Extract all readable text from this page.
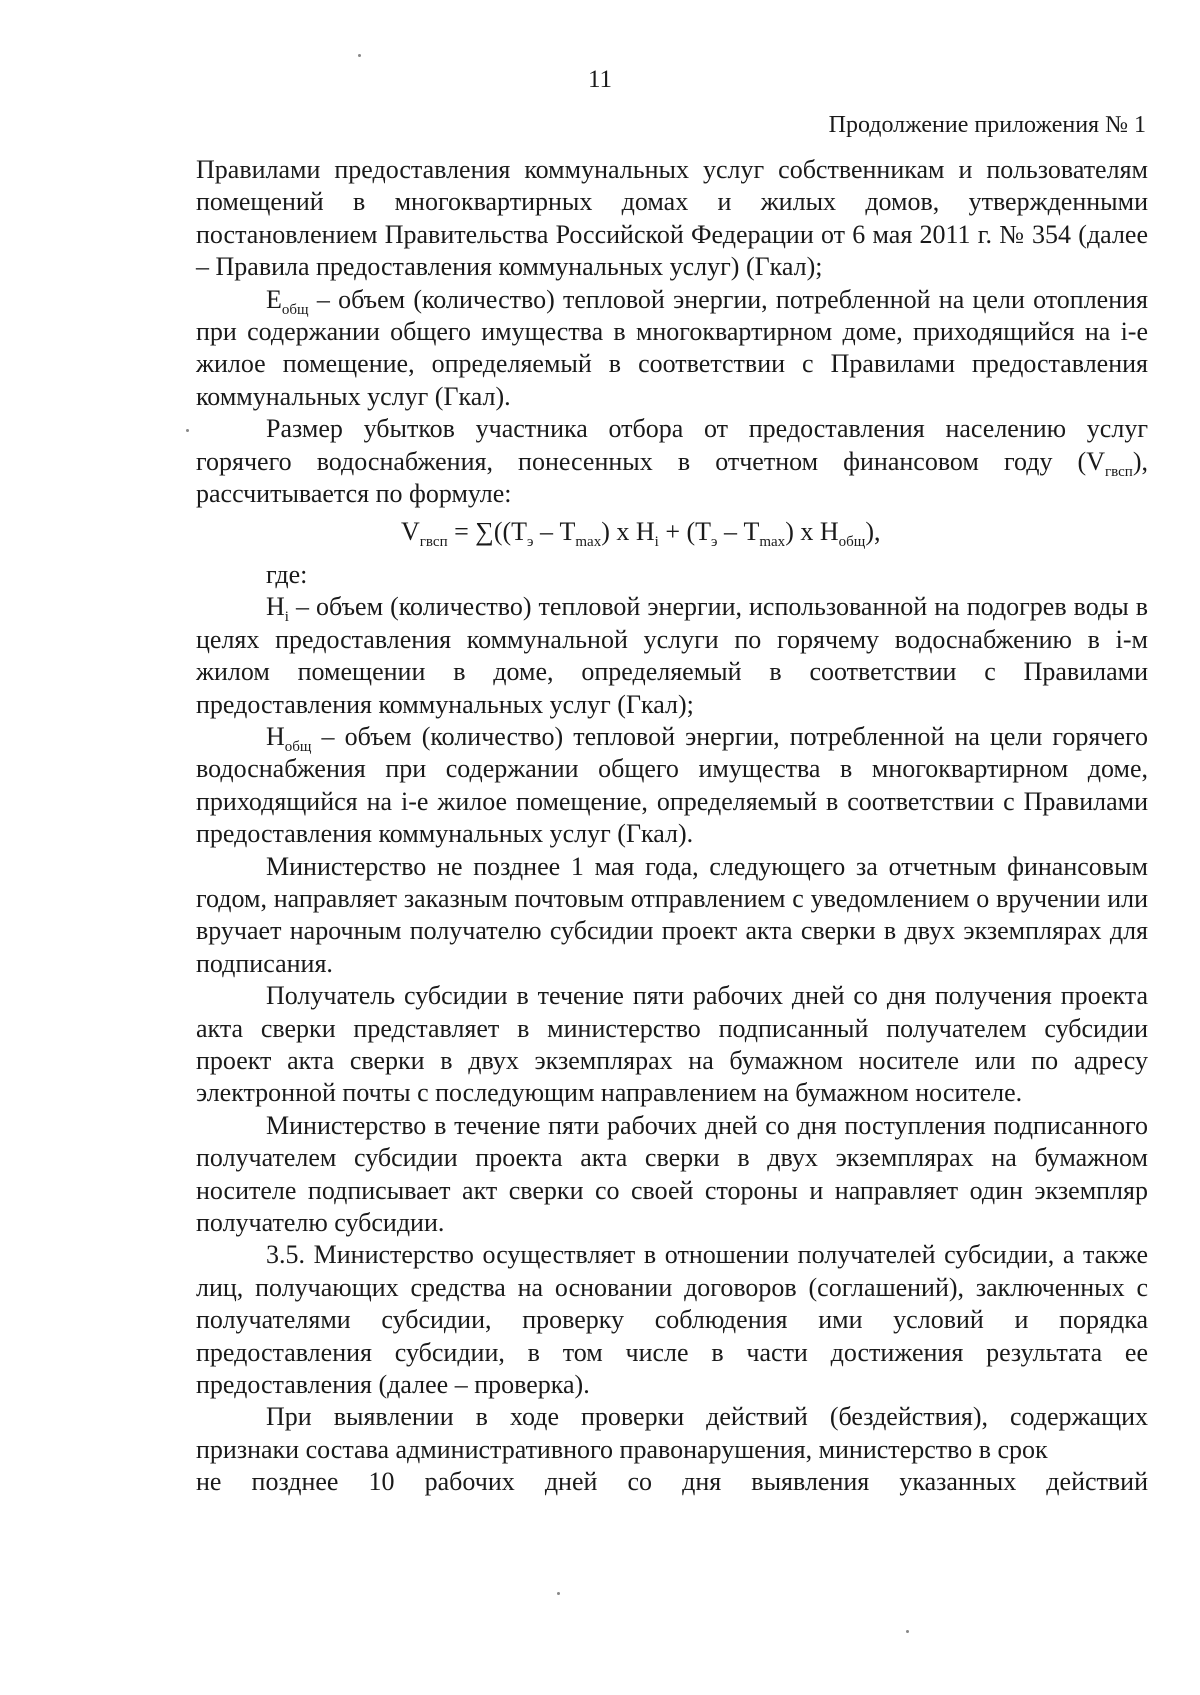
11
Продолжение приложения № 1

Правилами предоставления коммунальных услуг собственникам и пользователям помещений в многоквартирных домах и жилых домов, утвержденными постановлением Правительства Российской Федерации от 6 мая 2011 г. № 354 (далее – Правила предоставления коммунальных услуг) (Гкал);

$E_{общ}$ – объем (количество) тепловой энергии, потребленной на цели отопления при содержании общего имущества в многоквартирном доме, приходящийся на i-е жилое помещение, определяемый в соответствии с Правилами предоставления коммунальных услуг (Гкал).

Размер убытков участника отбора от предоставления населению услуг горячего водоснабжения, понесенных в отчетном финансовом году $(V_{гвсп})$, рассчитывается по формуле:

$V_{гвсп} = \sum((Т_э - Т_{max})$ х $Н_i + (Т_э - Т_{max})$ х $Н_{общ}$),

где:

$Н_i$ – объем (количество) тепловой энергии, использованной на подогрев воды в целях предоставления коммунальной услуги по горячему водоснабжению в i-м жилом помещении в доме, определяемый в соответствии с Правилами предоставления коммунальных услуг (Гкал);

$Н_{общ}$ – объем (количество) тепловой энергии, потребленной на цели горячего водоснабжения при содержании общего имущества в многоквартирном доме, приходящийся на i-е жилое помещение, определяемый в соответствии с Правилами предоставления коммунальных услуг (Гкал).

Министерство не позднее 1 мая года, следующего за отчетным финансовым годом, направляет заказным почтовым отправлением с уведомлением о вручении или вручает нарочным получателю субсидии проект акта сверки в двух экземплярах для подписания.

Получатель субсидии в течение пяти рабочих дней со дня получения проекта акта сверки представляет в министерство подписанный получателем субсидии проект акта сверки в двух экземплярах на бумажном носителе или по адресу электронной почты с последующим направлением на бумажном носителе.

Министерство в течение пяти рабочих дней со дня поступления подписанного получателем субсидии проекта акта сверки в двух экземплярах на бумажном носителе подписывает акт сверки со своей стороны и направляет один экземпляр получателю субсидии.

3.5. Министерство осуществляет в отношении получателей субсидии, а также лиц, получающих средства на основании договоров (соглашений), заключенных с получателями субсидии, проверку соблюдения ими условий и порядка предоставления субсидии, в том числе в части достижения результата ее предоставления (далее – проверка).

При выявлении в ходе проверки действий (бездействия), содержащих признаки состава административного правонарушения, министерство в срок

не позднее 10 рабочих дней со дня выявления указанных действий
